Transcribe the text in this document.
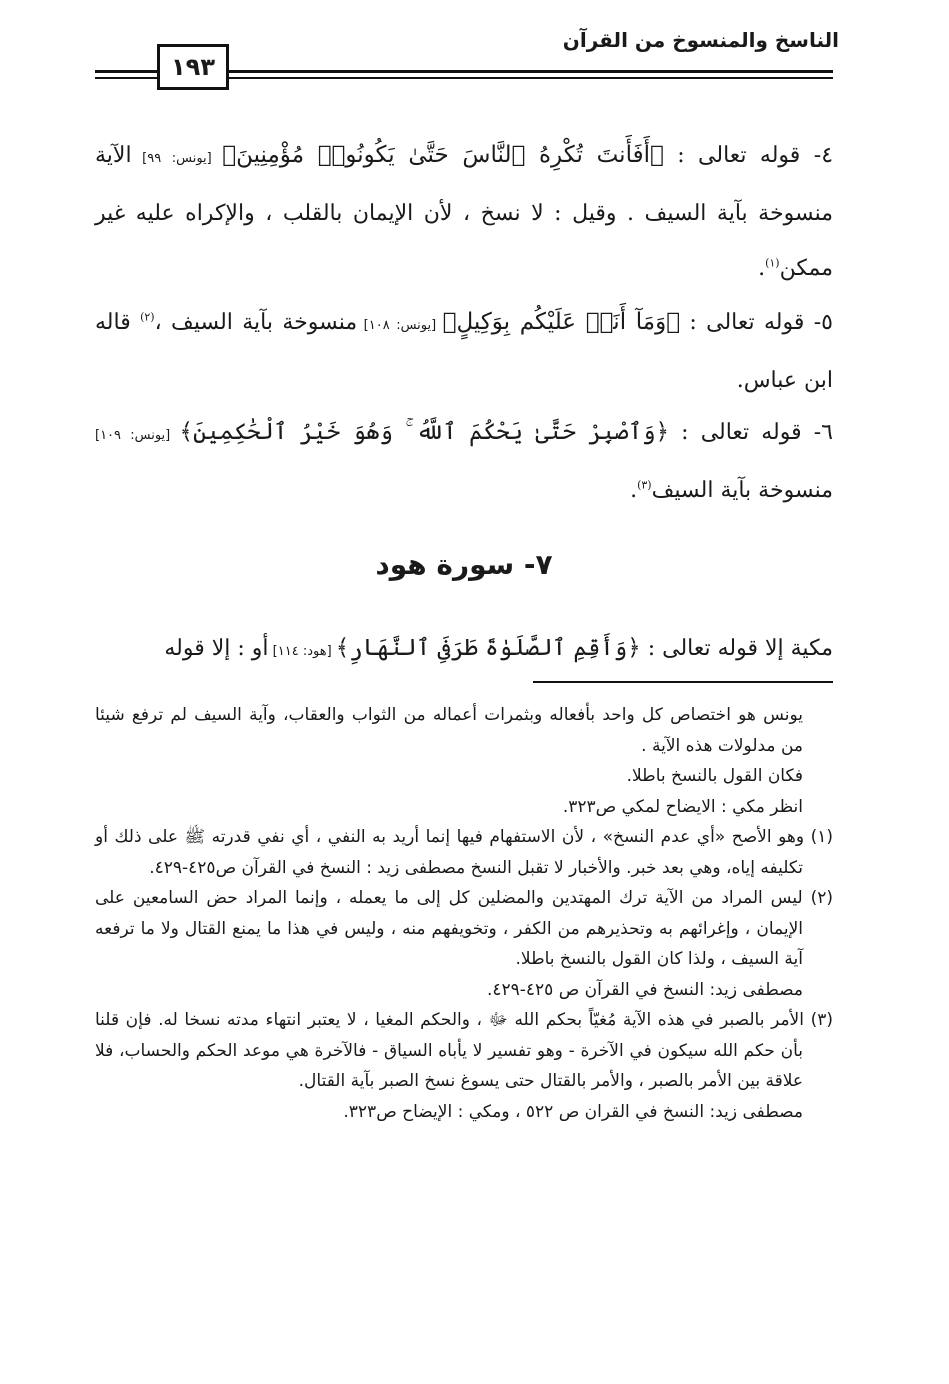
الناسخ والمنسوخ من القرآن
١٩٣

٤- قوله تعالى : ﴿أَفَأَنتَ تُكْرِهُ ٱلنَّاسَ حَتَّىٰ يَكُونُوا۟ مُؤْمِنِينَ﴾ [يونس: ٩٩] الآية منسوخة بآية السيف . وقيل : لا نسخ ، لأن الإيمان بالقلب ، والإكراه عليه غير ممكن$^{(١)}$.

٥- قوله تعالى : ﴿وَمَآ أَنَا۠ عَلَيْكُم بِوَكِيلٍ﴾ [يونس: ١٠٨] منسوخة بآية السيف ،$^{(٢)}$ قاله ابن عباس.

٦- قوله تعالى : ﴿وَٱصْبِرْ حَتَّىٰ يَحْكُمَ ٱللَّهُ ۚ وَهُوَ خَيْرُ ٱلْحَٰكِمِينَ﴾ [يونس: ١٠٩] منسوخة بآية السيف$^{(٣)}$.

٧- سورة هود

مكية إلا قوله تعالى : ﴿وَأَقِمِ ٱلصَّلَوٰةَ طَرَفَىِ ٱلنَّهَارِ﴾ [هود: ١١٤] أو : إلا قوله

يونس هو اختصاص كل واحد بأفعاله وبثمرات أعماله من الثواب والعقاب، وآية السيف لم ترفع شيئا من مدلولات هذه الآية .

فكان القول بالنسخ باطلا.

انظر مكي : الايضاح لمكي ص٣٢٣.

(١) وهو الأصح «أي عدم النسخ» ، لأن الاستفهام فيها إنما أريد به النفي ، أي نفي قدرته ﷺ على ذلك أو تكليفه إياه، وهي بعد خبر. والأخبار لا تقبل النسخ مصطفى زيد : النسخ في القرآن ص٤٢٥-٤٢٩.

(٢) ليس المراد من الآية ترك المهتدين والمضلين كل إلى ما يعمله ، وإنما المراد حض السامعين على الإيمان ، وإغرائهم به وتحذيرهم من الكفر ، وتخويفهم منه ، وليس في هذا ما يمنع القتال ولا ما ترفعه آية السيف ، ولذا كان القول بالنسخ باطلا.

مصطفى زيد: النسخ في القرآن ص ٤٢٥-٤٢٩.

(٣) الأمر بالصبر في هذه الآية مُغيّاً بحكم الله ﷻ ، والحكم المغيا ، لا يعتبر انتهاء مدته نسخا له. فإن قلنا بأن حكم الله سيكون في الآخرة - وهو تفسير لا يأباه السياق - فالآخرة هي موعد الحكم والحساب، فلا علاقة بين الأمر بالصبر ، والأمر بالقتال حتى يسوغ نسخ الصبر بآية القتال.

مصطفى زيد: النسخ في القران ص ٥٢٢ ، ومكي : الإيضاح ص٣٢٣.
